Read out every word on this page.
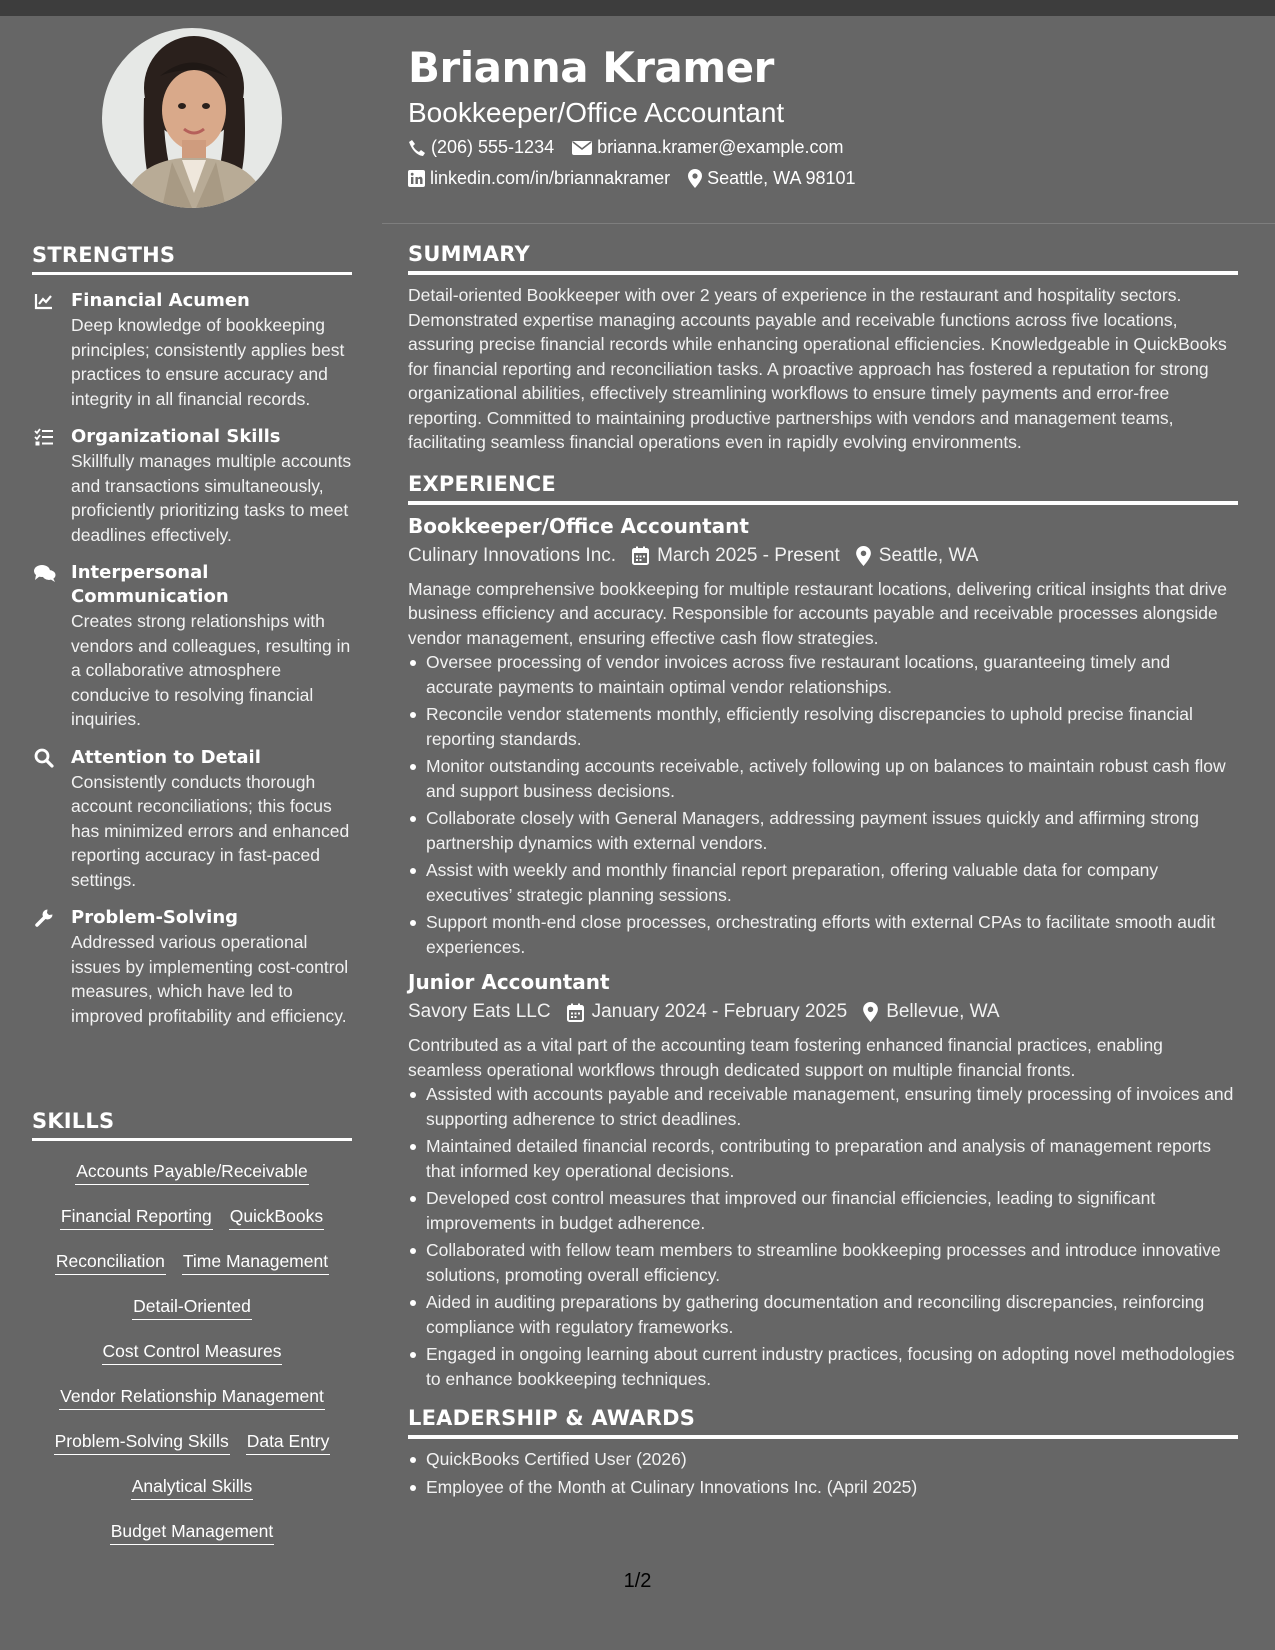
STRENGTHS
Financial Acumen
Deep knowledge of bookkeeping principles; consistently applies best practices to ensure accuracy and integrity in all financial records.
Organizational Skills
Skillfully manages multiple accounts and transactions simultaneously, proficiently prioritizing tasks to meet deadlines effectively.
Interpersonal Communication
Creates strong relationships with vendors and colleagues, resulting in a collaborative atmosphere conducive to resolving financial inquiries.
Attention to Detail
Consistently conducts thorough account reconciliations; this focus has minimized errors and enhanced reporting accuracy in fast-paced settings.
Problem-Solving
Addressed various operational issues by implementing cost-control measures, which have led to improved profitability and efficiency.
SKILLS
Accounts Payable/Receivable
Financial Reporting QuickBooks
Reconciliation Time Management
Detail-Oriented
Cost Control Measures
Vendor Relationship Management
Problem-Solving Skills Data Entry
Analytical Skills
Budget Management
Brianna Kramer
Bookkeeper/Office Accountant
(206) 555-1234 brianna.kramer@example.com
linkedin.com/in/briannakramer Seattle, WA 98101
SUMMARY

Detail-oriented Bookkeeper with over 2 years of experience in the restaurant and hospitality sectors. Demonstrated expertise managing accounts payable and receivable functions across five locations, assuring precise financial records while enhancing operational efficiencies. Knowledgeable in QuickBooks for financial reporting and reconciliation tasks. A proactive approach has fostered a reputation for strong organizational abilities, effectively streamlining workflows to ensure timely payments and error-free reporting. Committed to maintaining productive partnerships with vendors and management teams, facilitating seamless financial operations even in rapidly evolving environments.

EXPERIENCE
Bookkeeper/Office Accountant
Culinary Innovations Inc. March 2025 - Present Seattle, WA

Manage comprehensive bookkeeping for multiple restaurant locations, delivering critical insights that drive business efficiency and accuracy. Responsible for accounts payable and receivable processes alongside vendor management, ensuring effective cash flow strategies.

Oversee processing of vendor invoices across five restaurant locations, guaranteeing timely and accurate payments to maintain optimal vendor relationships.
Reconcile vendor statements monthly, efficiently resolving discrepancies to uphold precise financial reporting standards.
Monitor outstanding accounts receivable, actively following up on balances to maintain robust cash flow and support business decisions.
Collaborate closely with General Managers, addressing payment issues quickly and affirming strong partnership dynamics with external vendors.
Assist with weekly and monthly financial report preparation, offering valuable data for company executives’ strategic planning sessions.
Support month-end close processes, orchestrating efforts with external CPAs to facilitate smooth audit experiences.
Junior Accountant
Savory Eats LLC January 2024 - February 2025 Bellevue, WA

Contributed as a vital part of the accounting team fostering enhanced financial practices, enabling seamless operational workflows through dedicated support on multiple financial fronts.

Assisted with accounts payable and receivable management, ensuring timely processing of invoices and supporting adherence to strict deadlines.
Maintained detailed financial records, contributing to preparation and analysis of management reports that informed key operational decisions.
Developed cost control measures that improved our financial efficiencies, leading to significant improvements in budget adherence.
Collaborated with fellow team members to streamline bookkeeping processes and introduce innovative solutions, promoting overall efficiency.
Aided in auditing preparations by gathering documentation and reconciling discrepancies, reinforcing compliance with regulatory frameworks.
Engaged in ongoing learning about current industry practices, focusing on adopting novel methodologies to enhance bookkeeping techniques.
LEADERSHIP & AWARDS
QuickBooks Certified User (2026)
Employee of the Month at Culinary Innovations Inc. (April 2025)
1/2
